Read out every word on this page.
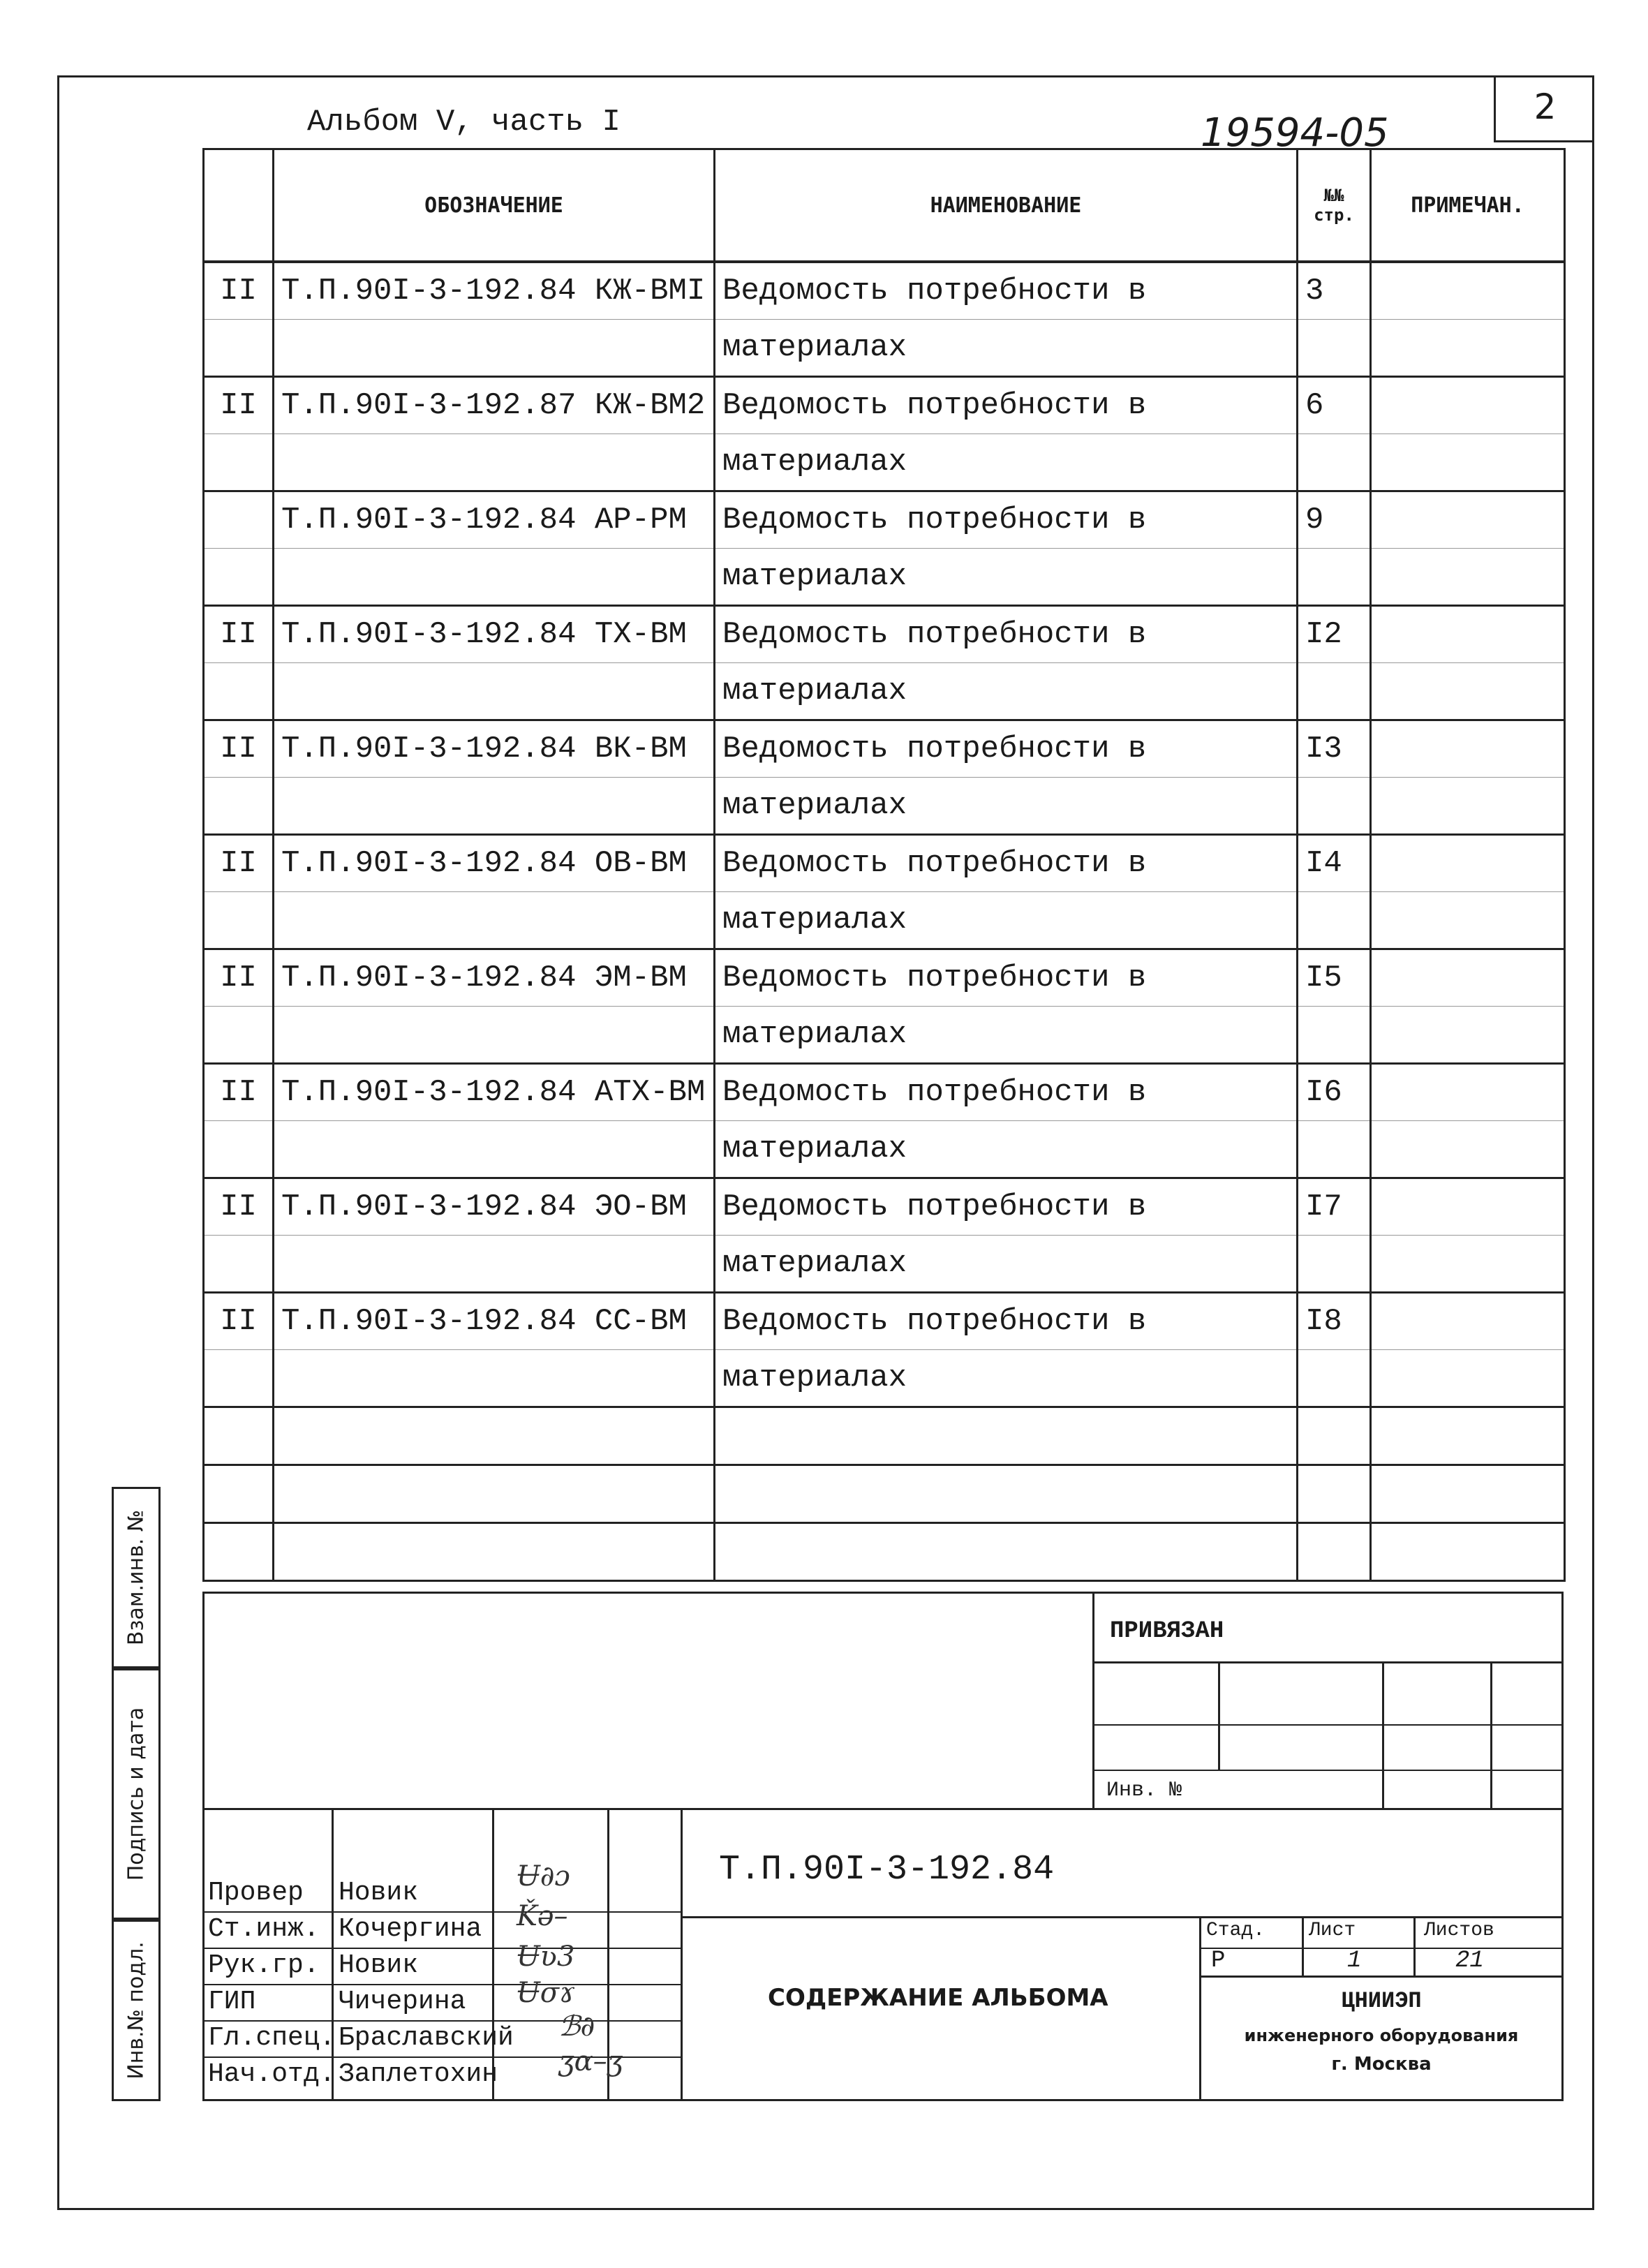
Альбом V, часть I	19594-05
2
	ОБОЗНАЧЕНИЕ	НАИМЕНОВАНИЕ	№№ стр.	ПРИМЕЧАН.
II	Т.П.90I-3-192.84 КЖ-ВМI	Ведомость потребности в	3	
		материалах		
II	Т.П.90I-3-192.87 КЖ-ВМ2	Ведомость потребности в	6	
		материалах		
	Т.П.90I-3-192.84 АР-РМ	Ведомость потребности в	9	
		материалах		
II	Т.П.90I-3-192.84 ТХ-ВМ	Ведомость потребности в	I2	
		материалах		
II	Т.П.90I-3-192.84 ВК-ВМ	Ведомость потребности в	I3	
		материалах		
II	Т.П.90I-3-192.84 ОВ-ВМ	Ведомость потребности в	I4	
		материалах		
II	Т.П.90I-3-192.84 ЭМ-ВМ	Ведомость потребности в	I5	
		материалах		
II	Т.П.90I-3-192.84 АТХ-ВМ	Ведомость потребности в	I6	
		материалах		
II	Т.П.90I-3-192.84 ЭО-ВМ	Ведомость потребности в	I7	
		материалах		
II	Т.П.90I-3-192.84 СС-ВМ	Ведомость потребности в	I8	
		материалах		

Взам.инв. №
Подпись и дата
Инв.№ подл.
ПРИВЯЗАН
Инв. №
Т.П.90I-3-192.84
СОДЕРЖАНИЕ АЛЬБОМА
Стад. Лист	Листов
Р	1	21
ЦНИИЭП
инженерного оборудования
г. Москва
Провер Новик
Ст.инж. Кочергина
Рук.гр. Новик
ГИП	Чичерина
Гл.спец. Браславский
Нач.отд. Заплетохин
Ʉ∂ɔ
Ǩǝ–
Ʉʋ3
Ʉσɤ
ℬ∂
ʒɑ–ʒ
